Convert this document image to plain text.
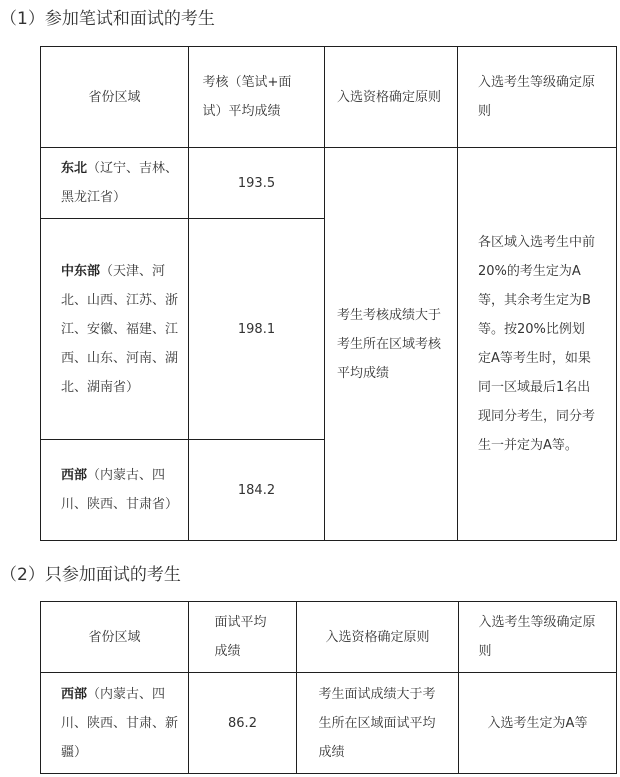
（1）参加笔试和面试的考生
省份区域	考核（笔试+面试）平均成绩	入选资格确定原则	入选考生等级确定原则
东北（辽宁、吉林、黑龙江省）	193.5	考生考核成绩大于考生所在区域考核平均成绩	各区域入选考生中前20%的考生定为A等，其余考生定为B等。按20%比例划定A等考生时，如果同一区域最后1名出现同分考生，同分考生一并定为A等。
中东部（天津、河北、山西、江苏、浙江、安徽、福建、江西、山东、河南、湖北、湖南省）	198.1		
西部（内蒙古、四川、陕西、甘肃省）	184.2		
（2）只参加面试的考生
省份区域	面试平均成绩	入选资格确定原则	入选考生等级确定原则
西部（内蒙古、四川、陕西、甘肃、新疆）	86.2	考生面试成绩大于考生所在区域面试平均成绩	入选考生定为A等
